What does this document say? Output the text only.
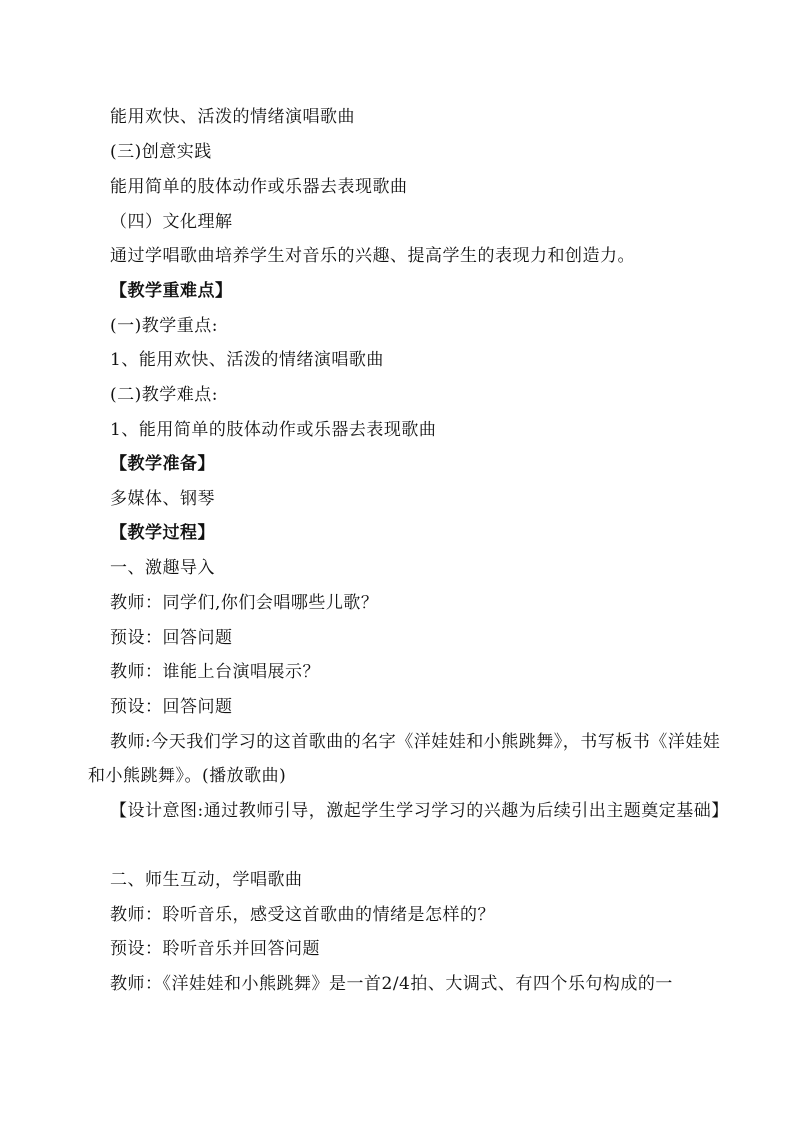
能用欢快、活泼的情绪演唱歌曲
(三)创意实践
能用简单的肢体动作或乐器去表现歌曲
（四）文化理解
通过学唱歌曲培养学生对音乐的兴趣、提高学生的表现力和创造力。
【教学重难点】
(一)教学重点:
1、能用欢快、活泼的情绪演唱歌曲
(二)教学难点:
1、能用简单的肢体动作或乐器去表现歌曲
【教学准备】
多媒体、钢琴
【教学过程】
一、激趣导入
教师：同学们,你们会唱哪些儿歌？
预设：回答问题
教师：谁能上台演唱展示？
预设：回答问题
教师:今天我们学习的这首歌曲的名字《洋娃娃和小熊跳舞》，书写板书《洋娃娃和小熊跳舞》。(播放歌曲)
【设计意图:通过教师引导，激起学生学习学习的兴趣为后续引出主题奠定基础】
二、师生互动，学唱歌曲
教师：聆听音乐，感受这首歌曲的情绪是怎样的？
预设：聆听音乐并回答问题
教师：《洋娃娃和小熊跳舞》是一首2/4拍、大调式、有四个乐句构成的一
